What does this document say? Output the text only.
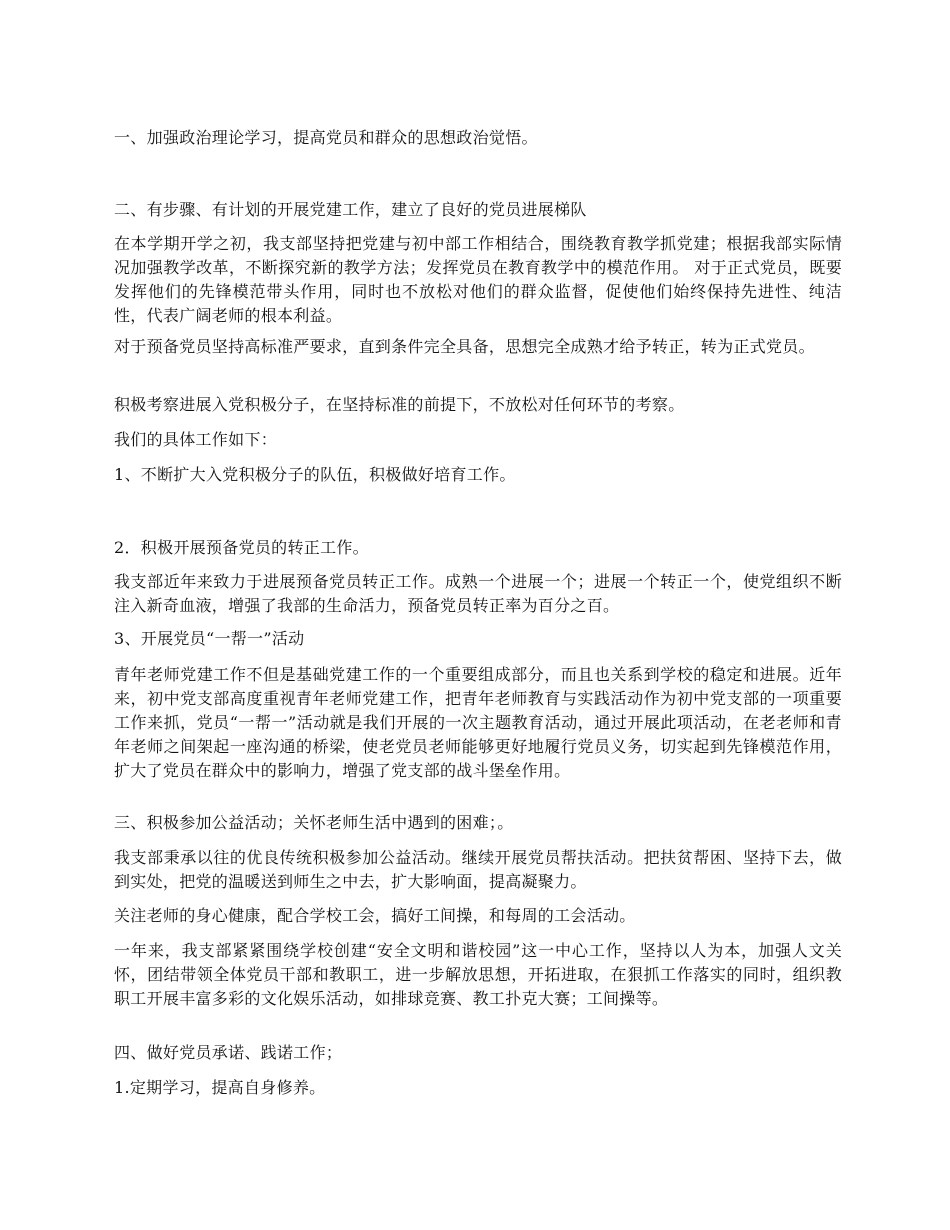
一、加强政治理论学习，提高党员和群众的思想政治觉悟。

二、有步骤、有计划的开展党建工作，建立了良好的党员进展梯队

在本学期开学之初，我支部坚持把党建与初中部工作相结合，围绕教育教学抓党建；根据我部实际情况加强教学改革，不断探究新的教学方法；发挥党员在教育教学中的模范作用。 对于正式党员，既要发挥他们的先锋模范带头作用，同时也不放松对他们的群众监督，促使他们始终保持先进性、纯洁性，代表广阔老师的根本利益。

对于预备党员坚持高标准严要求，直到条件完全具备，思想完全成熟才给予转正，转为正式党员。

积极考察进展入党积极分子，在坚持标准的前提下，不放松对任何环节的考察。

我们的具体工作如下：

1、不断扩大入党积极分子的队伍，积极做好培育工作。

2．积极开展预备党员的转正工作。

我支部近年来致力于进展预备党员转正工作。成熟一个进展一个；进展一个转正一个，使党组织不断注入新奇血液，增强了我部的生命活力，预备党员转正率为百分之百。

3、开展党员“一帮一”活动

青年老师党建工作不但是基础党建工作的一个重要组成部分，而且也关系到学校的稳定和进展。近年来，初中党支部高度重视青年老师党建工作，把青年老师教育与实践活动作为初中党支部的一项重要工作来抓，党员“一帮一”活动就是我们开展的一次主题教育活动，通过开展此项活动，在老老师和青年老师之间架起一座沟通的桥梁，使老党员老师能够更好地履行党员义务，切实起到先锋模范作用，扩大了党员在群众中的影响力，增强了党支部的战斗堡垒作用。

三、积极参加公益活动；关怀老师生活中遇到的困难；。

我支部秉承以往的优良传统积极参加公益活动。继续开展党员帮扶活动。把扶贫帮困、坚持下去，做到实处，把党的温暖送到师生之中去，扩大影响面，提高凝聚力。

关注老师的身心健康，配合学校工会，搞好工间操，和每周的工会活动。

一年来，我支部紧紧围绕学校创建“安全文明和谐校园”这一中心工作，坚持以人为本，加强人文关怀，团结带领全体党员干部和教职工，进一步解放思想，开拓进取，在狠抓工作落实的同时，组织教职工开展丰富多彩的文化娱乐活动，如排球竞赛、教工扑克大赛；工间操等。

四、做好党员承诺、践诺工作；

1.定期学习，提高自身修养。
